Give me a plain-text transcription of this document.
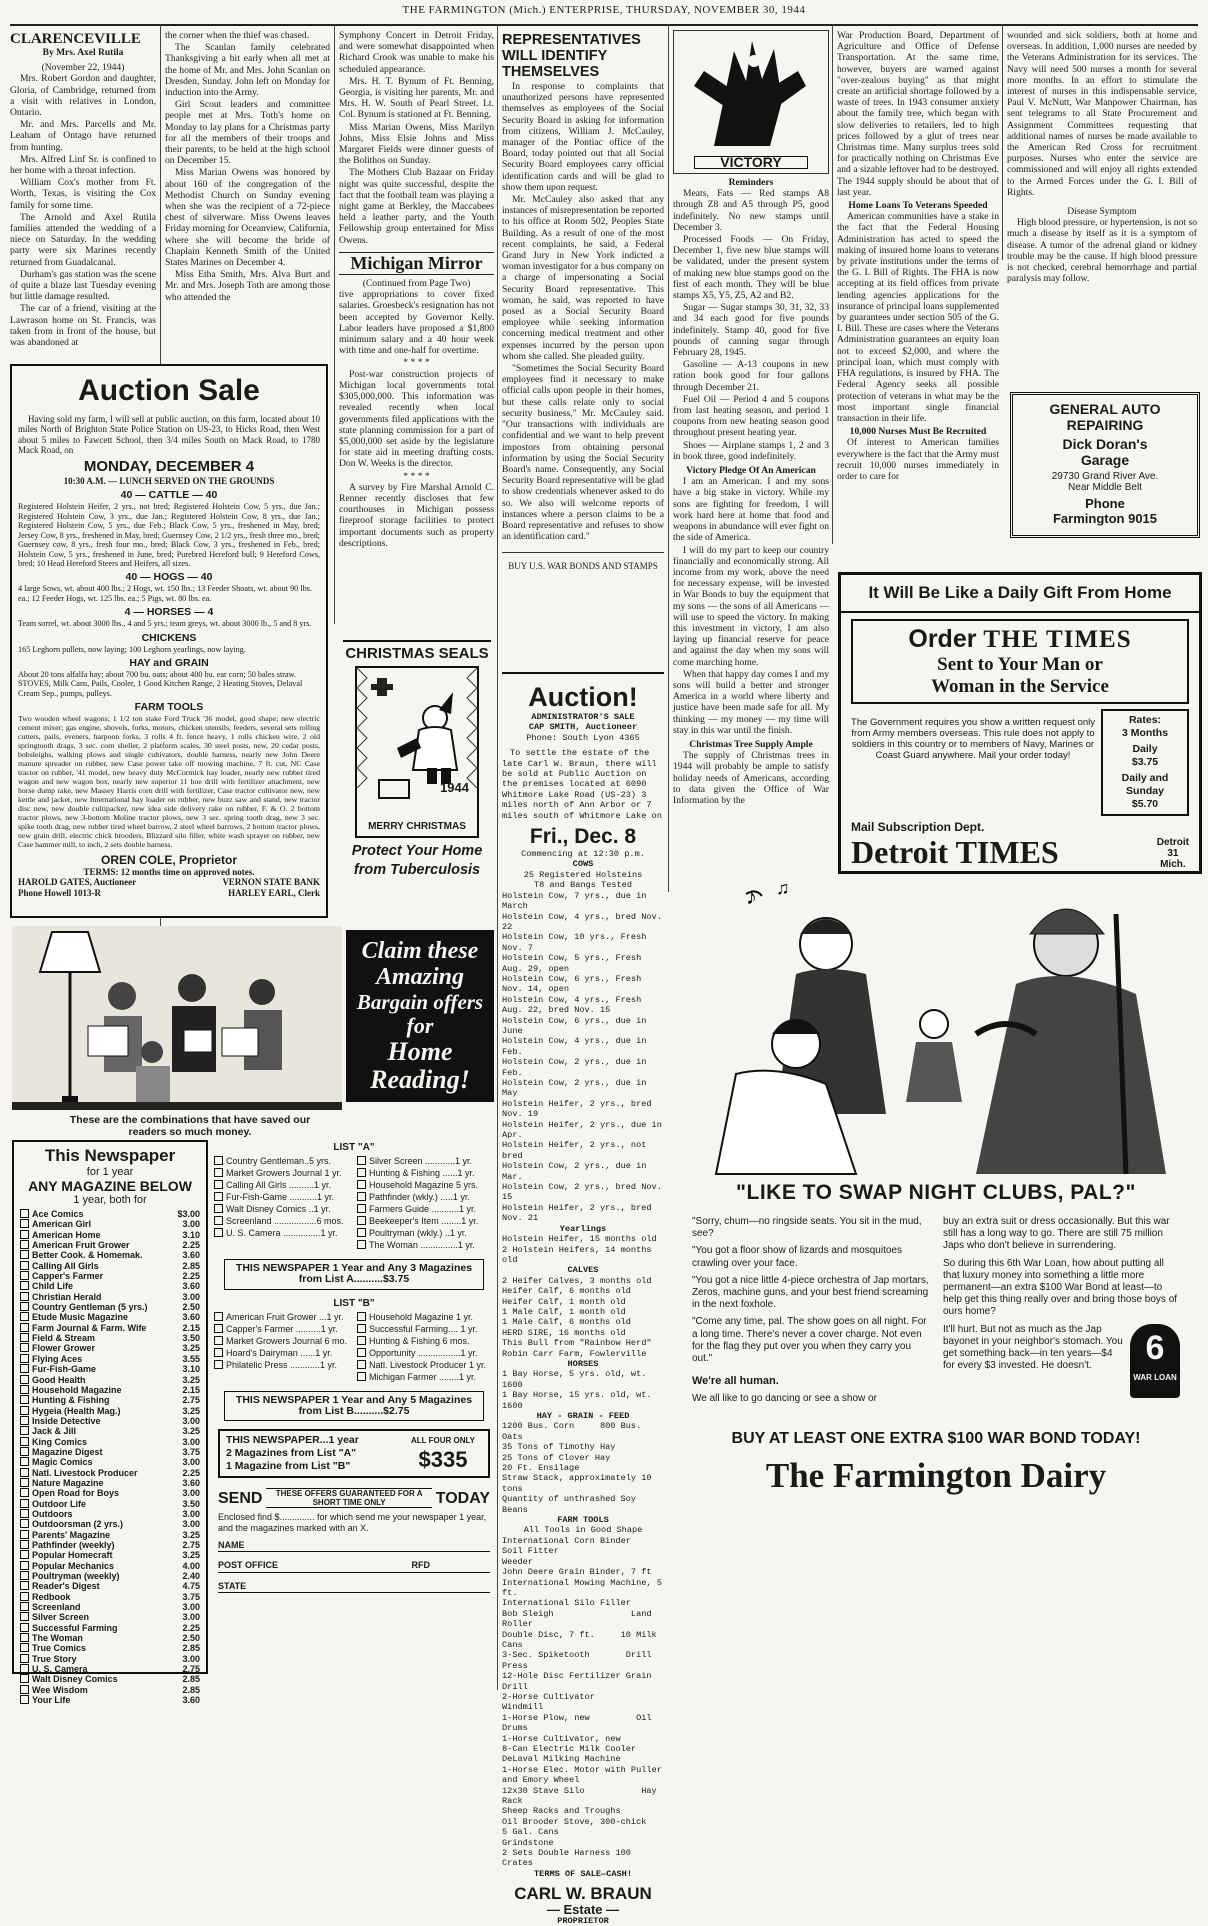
THE FARMINGTON (Mich.) ENTERPRISE, THURSDAY, NOVEMBER 30, 1944
CLARENCEVILLE
By Mrs. Axel Rutila
(November 22, 1944)

Mrs. Robert Gordon and daughter, Gloria, of Cambridge, returned from a visit with relatives in London, Ontario.

Mr. and Mrs. Parcells and Mr. Leaham of Ontago have returned from hunting.

Mrs. Alfred Linf Sr. is confined to her home with a throat infection.

William Cox's mother from Ft. Worth, Texas, is visiting the Cox family for some time.

The Arnold and Axel Rutila families attended the wedding of a niece on Saturday. In the wedding party were six Marines recently returned from Guadalcanal.

Durham's gas station was the scene of quite a blaze last Tuesday evening but little damage resulted.

The car of a friend, visiting at the Lawrason home on St. Francis, was taken from in front of the house, but was abandoned at

the corner when the thief was chased.

The Scanlan family celebrated Thanksgiving a bit early when all met at the home of Mr. and Mrs. John Scanlan on Dresden, Sunday. John left on Monday for induction into the Army.

Girl Scout leaders and committee people met at Mrs. Toth's home on Monday to lay plans for a Christmas party for all the members of their troops and their parents, to be held at the high school on December 15.

Miss Marian Owens was honored by about 160 of the congregation of the Methodist Church on Sunday evening when she was the recipient of a 72-piece chest of silverware. Miss Owens leaves Friday morning for Oceanview, California, where she will become the bride of Chaplain Kenneth Smith of the United States Marines on December 4.

Miss Etha Smith, Mrs. Alva Burt and Mr. and Mrs. Joseph Toth are among those who attended the

Symphony Concert in Detroit Friday, and were somewhat disappointed when Richard Crook was unable to make his scheduled appearance.

Mrs. H. T. Bynum of Ft. Benning, Georgia, is visiting her parents, Mr. and Mrs. H. W. South of Pearl Street. Lt. Col. Bynum is stationed at Ft. Benning.

Miss Marian Owens, Miss Marilyn Johns, Miss Elsie Johns and Miss Margaret Fields were dinner guests of the Bolithos on Sunday.

The Mothers Club Bazaar on Friday night was quite successful, despite the fact that the football team was playing a night game at Berkley, the Maccabees held a leather party, and the Youth Fellowship group entertained for Miss Owens.

Michigan Mirror
(Continued from Page Two)

tive appropriations to cover fixed salaries. Groesbeck's resignation has not been accepted by Governor Kelly. Labor leaders have proposed a $1,800 minimum salary and a 40 hour week with time and one-half for overtime.

* * * *

Post-war construction projects of Michigan local governments total $305,000,000. This information was revealed recently when local governments filed applications with the state planning commission for a part of $5,000,000 set aside by the legislature for state aid in meeting drafting costs. Don W. Weeks is the director.

* * * *

A survey by Fire Marshal Arnold C. Renner recently discloses that few courthouses in Michigan possess fireproof storage facilities to protect important documents such as property descriptions.

CHRISTMAS SEALS
1944
MERRY CHRISTMAS
Protect Your Home
from Tuberculosis
Auction Sale
Having sold my farm, I will sell at public auction, on this farm, located about 10 miles North of Brighton State Police Station on US-23, to Hicks Road, then West about 5 miles to Fawcett School, then 3/4 miles South on Mack Road, to 1780 Mack Road, on
MONDAY, DECEMBER 4
10:30 A.M. — LUNCH SERVED ON THE GROUNDS
40 — CATTLE — 40
Registered Holstein Heifer, 2 yrs., not bred; Registered Holstein Cow, 5 yrs., due Jan.; Registered Holstein Cow, 3 yrs., due Jan.; Registered Holstein Cow, 8 yrs., due Jan.; Registered Holstein Cow, 5 yrs., due Feb.; Black Cow, 5 yrs., freshened in May, bred; Jersey Cow, 8 yrs., freshened in May, bred; Guernsey Cow, 2 1/2 yrs., fresh three mo., bred; Guernsey cow, 8 yrs., fresh four mo., bred; Black Cow, 3 yrs., freshened in Feb., bred; Holstein Cow, 5 yrs., freshened in June, bred; Purebred Hereford bull; 9 Hereford Cows, bred; 10 Head Hereford Steers and Heifers, all sizes.
40 — HOGS — 40
4 large Sows, wt. about 400 lbs.; 2 Hogs, wt. 150 lbs.; 13 Feeder Shoats, wt. about 90 lbs. ea.; 12 Feeder Hogs, wt. 125 lbs. ea.; 5 Pigs, wt. 80 lbs. ea.
4 — HORSES — 4
Team sorrel, wt. about 3000 lbs., 4 and 5 yrs.; team greys, wt. about 3000 lb., 5 and 8 yrs.
CHICKENS
165 Leghorn pullets, now laying; 100 Leghorn yearlings, now laying.
HAY and GRAIN
About 20 tons alfalfa hay; about 700 bu. oats; about 400 bu. ear corn; 50 bales straw. STOVES, Milk Cans, Pails, Cooler, 1 Good Kitchen Range, 2 Heating Stoves, Delaval Cream Sep., pumps, pulleys.
FARM TOOLS
Two wooden wheel wagons; 1 1/2 ton stake Ford Truck '36 model, good shape; new electric cement mixer; gas engine, shovels, forks, motors, chicken utensils, feeders, several sets rolling cutters, pails, eveners, harpoon forks, 3 rolls 4 ft. fence heavy, 1 rolls chicken wire, 2 old springtooth drags, 3 sec. corn sheller, 2 platform scales, 30 steel posts, new, 20 cedar posts, bobsleighs, walking plows and single cultivators, double harness, nearly new John Deere manure spreader on rubber, new Case power take off mowing machine, 7 ft. cut, NC Case tractor on rubber, '41 model, new heavy duty McCormick hay loader, nearly new rubber tired wagon and new wagon box, nearly new superior 11 hoe drill with fertilizer attachment, new horse dump rake, new Massey Harris corn drill with fertilizer, Case tractor cultivator new, new kettle and jacket, new International hay loader on rubber, new buzz saw and stand, new tractor disc new, new double cultipacker, new idea side delivery rake on rubber, F. & O. 2 bottom tractor plows, new 3-bottom Moline tractor plows, new 3 sec. spring tooth drag, new 3 sec. spike tooth drag, new rubber tired wheel barrow, 2 steel wheel barrows, 2 bottom tractor plows, new grain drill, electric chick brooders, Blizzard silo filler, white wash sprayer on rubber, new Case hammer mill, to inch, 2 sets double harness.
OREN COLE, Proprietor
TERMS: 12 months time on approved notes.
HAROLD GATES, Auctioneer	VERNON STATE BANK
Phone Howell 1013-R	HARLEY EARL, Clerk
REPRESENTATIVES WILL IDENTIFY THEMSELVES

In response to complaints that unauthorized persons have represented themselves as employees of the Social Security Board in asking for information from citizens, William J. McCauley, manager of the Pontiac office of the Board, today pointed out that all Social Security Board employees carry official identification cards and will be glad to show them upon request.

Mr. McCauley also asked that any instances of misrepresentation be reported to his office at Room 502, Peoples State Building. As a result of one of the most recent complaints, he said, a Federal Grand Jury in New York indicted a woman investigator for a bus company on a charge of impersonating a Social Security Board representative. This woman, he said, was reported to have posed as a Social Security Board employee while seeking information concerning medical treatment and other expenses incurred by the person upon whom she called. She pleaded guilty.

"Sometimes the Social Security Board employees find it necessary to make official calls upon people in their homes, but these calls relate only to social security business," Mr. McCauley said. "Our transactions with individuals are confidential and we want to help prevent impostors from obtaining personal information by using the Social Security Board's name. Consequently, any Social Security Board representative will be glad to show credentials whenever asked to do so. We also will welcome reports of instances where a person claims to be a Board representative and refuses to show an identification card."

BUY U.S. WAR BONDS AND STAMPS
Auction!
ADMINISTRATOR'S SALE
CAP SMITH, Auctioneer
Phone: South Lyon 4365
To settle the estate of the late Carl W. Braun, there will be sold at Public Auction on the premises located at 6090 Whitmore Lake Road (US-23) 3 miles north of Ann Arbor or 7 miles south of Whitmore Lake on
Fri., Dec. 8
Commencing at 12:30 p.m.
COWS
25 Registered Holsteins
T8 and Bangs Tested
Holstein Cow, 7 yrs., due in March
Holstein Cow, 4 yrs., bred Nov. 22
Holstein Cow, 10 yrs., Fresh Nov. 7
Holstein Cow, 5 yrs., Fresh Aug. 29, open
Holstein Cow, 6 yrs., Fresh Nov. 14, open
Holstein Cow, 4 yrs., Fresh Aug. 22, bred Nov. 15
Holstein Cow, 6 yrs., due in June
Holstein Cow, 4 yrs., due in Feb.
Holstein Cow, 2 yrs., due in Feb.
Holstein Cow, 2 yrs., due in May
Holstein Heifer, 2 yrs., bred Nov. 19
Holstein Heifer, 2 yrs., due in Apr.
Holstein Heifer, 2 yrs., not bred
Holstein Cow, 2 yrs., due in Mar.
Holstein Cow, 2 yrs., bred Nov. 15
Holstein Heifer, 2 yrs., bred Nov. 21
Yearlings
Holstein Heifer, 15 months old
2 Holstein Heifers, 14 months old
CALVES
2 Heifer Calves, 3 months old
Heifer Calf, 6 months old
Heifer Calf, 1 month old
1 Male Calf, 1 month old
1 Male Calf, 6 months old
HERD SIRE, 16 months old
This Bull from "Rainbow Herd"
Robin Carr Farm, Fowlerville
HORSES
1 Bay Horse, 5 yrs. old, wt. 1600
1 Bay Horse, 15 yrs. old, wt. 1600
HAY - GRAIN - FEED
1200 Bus. Corn     800 Bus. Oats
35 Tons of Timothy Hay
25 Tons of Clover Hay
20 Ft. Ensilage
Straw Stack, approximately 10 tons
Quantity of unthrashed Soy Beans
FARM TOOLS
All Tools in Good Shape
International Corn Binder
Soil Fitter                    Weeder
John Deere Grain Binder, 7 ft
International Mowing Machine, 5 ft.
International Silo Filler
Bob Sleigh               Land Roller
Double Disc, 7 ft.     10 Milk Cans
3-Sec. Spiketooth       Drill Press
12-Hole Disc Fertilizer Grain Drill
2-Horse Cultivator          Windmill
1-Horse Plow, new         Oil Drums
1-Horse Cultivator, new
8-Can Electric Milk Cooler
DeLaval Milking Machine
1-Horse Elec. Motor with Puller and Emory Wheel
12x30 Stave Silo           Hay Rack
Sheep Racks and Troughs
Oil Brooder Stove, 300-chick
5 Gal. Cans              Grindstone
2 Sets Double Harness 100 Crates
TERMS OF SALE—CASH!
CARL W. BRAUN
— Estate —
PROPRIETOR
VICTORY
Reminders

Meats, Fats — Red stamps A8 through Z8 and A5 through P5, good indefinitely. No new stamps until December 3.

Processed Foods — On Friday, December 1, five new blue stamps will be validated, under the present system of making new blue stamps good on the first of each month. They will be blue stamps X5, Y5, Z5, A2 and B2.

Sugar — Sugar stamps 30, 31, 32, 33 and 34 each good for five pounds indefinitely. Stamp 40, good for five pounds of canning sugar through February 28, 1945.

Gasoline — A-13 coupons in new ration book good for four gallons through December 21.

Fuel Oil — Period 4 and 5 coupons from last heating season, and period 1 coupons from new heating season good throughout present heating year.

Shoes — Airplane stamps 1, 2 and 3 in book three, good indefinitely.

Victory Pledge Of An American

I am an American. I and my sons have a big stake in victory. While my sons are fighting for freedom, I will work hard here at home that food and weapons in abundance will ever fight on the side of America.

I will do my part to keep our country financially and economically strong. All income from my work, above the need for necessary expense, will be invested in War Bonds to buy the equipment that my sons — the sons of all Americans — will use to speed the victory. In making this investment in victory, I am also laying up financial reserve for peace and against the day when my sons will come marching home.

When that happy day comes I and my sons will build a better and stronger America in a world where liberty and justice have been made safe for all. My thinking — my money — my time will stay in this war until the finish.

Christmas Tree Supply Ample

The supply of Christmas trees in 1944 will probably be ample to satisfy holiday needs of Americans, according to data given the Office of War Information by the

War Production Board, Department of Agriculture and Office of Defense Transportation. At the same time, however, buyers are warned against "over-zealous buying" as that might create an artificial shortage followed by a waste of trees. In 1943 consumer anxiety about the family tree, which began with slow deliveries to retailers, led to high prices followed by a glut of trees near Christmas time. Many surplus trees sold for practically nothing on Christmas Eve and a sizable leftover had to be destroyed. The 1944 supply should be about that of last year.

Home Loans To Veterans Speeded

American communities have a stake in the fact that the Federal Housing Administration has acted to speed the making of insured home loans to veterans by private institutions under the terms of the G. I. Bill of Rights. The FHA is now accepting at its field offices from private lending agencies applications for the insurance of principal loans supplemented by guarantees under section 505 of the G. I. Bill. These are cases where the Veterans Administration guarantees an equity loan not to exceed $2,000, and where the principal loan, which must comply with FHA regulations, is insured by FHA. The Federal Agency seeks all possible protection of veterans in what may be the most important single financial transaction in their life.

10,000 Nurses Must Be Recruited

Of interest to American families everywhere is the fact that the Army must recruit 10,000 nurses immediately in order to care for

wounded and sick soldiers, both at home and overseas. In addition, 1,000 nurses are needed by the Veterans Administration for its services. The Navy will need 500 nurses a month for several more months. In an effort to stimulate the interest of nurses in this indispensable service, Paul V. McNutt, War Manpower Chairman, has sent telegrams to all State Procurement and Assignment Committees requesting that additional names of nurses be made available to the American Red Cross for recruitment purposes. Nurses who enter the service are commissioned and will enjoy all rights extended to the Armed Forces under the G. I. Bill of Rights.

Disease Symptom

High blood pressure, or hypertension, is not so much a disease by itself as it is a symptom of disease. A tumor of the adrenal gland or kidney trouble may be the cause. If high blood pressure is not checked, cerebral hemorrhage and partial paralysis may follow.

GENERAL AUTO
REPAIRING
Dick Doran's
Garage
29730 Grand River Ave.
Near Middle Belt
Phone
Farmington 9015
It Will Be Like a Daily Gift From Home
Order THE TIMES
Sent to Your Man or
Woman in the Service
The Government requires you show a written request only from Army members overseas. This rule does not apply to soldiers in this country or to members of Navy, Marines or Coast Guard anywhere. Mail your order today!
Rates:
3 Months
Daily
$3.75
Daily and Sunday
$5.70
Mail Subscription Dept.
Detroit TIMES	Detroit
31
Mich.
Claim these
Amazing
Bargain offers
for
Home
Reading!
These are the combinations that have saved our readers so much money.
This Newspaper
for 1 year
ANY MAGAZINE BELOW
1 year, both for
Ace Comics	$3.00
American Girl	3.00
American Home	3.10
American Fruit Grower	2.25
Better Cook. & Homemak.	3.60
Calling All Girls	2.85
Capper's Farmer	2.25
Child Life	3.60
Christian Herald	3.00
Country Gentleman (5 yrs.)	2.50
Etude Music Magazine	3.60
Farm Journal & Farm. Wife	2.15
Field & Stream	3.50
Flower Grower	3.25
Flying Aces	3.55
Fur-Fish-Game	3.10
Good Health	3.25
Household Magazine	2.15
Hunting & Fishing	2.75
Hygeia (Health Mag.)	3.25
Inside Detective	3.00
Jack & Jill	3.25
King Comics	3.00
Magazine Digest	3.75
Magic Comics	3.00
Natl. Livestock Producer	2.25
Nature Magazine	3.60
Open Road for Boys	3.00
Outdoor Life	3.50
Outdoors	3.00
Outdoorsman (2 yrs.)	3.00
Parents' Magazine	3.25
Pathfinder (weekly)	2.75
Popular Homecraft	3.25
Popular Mechanics	4.00
Poultryman (weekly)	2.40
Reader's Digest	4.75
Redbook	3.75
Screenland	3.00
Silver Screen	3.00
Successful Farming	2.25
The Woman	2.50
True Comics	2.85
True Story	3.00
U. S. Camera	2.75
Walt Disney Comics	2.85
Wee Wisdom	2.85
Your Life	3.60
LIST "A"
Country Gentleman..5 yrs.
Market Growers Journal 1 yr.
Calling All Girls ..........1 yr.
Fur-Fish-Game ...........1 yr.
Walt Disney Comics ..1 yr.
Screenland .................6 mos.
U. S. Camera ...............1 yr.
Silver Screen ............1 yr.
Hunting & Fishing ......1 yr.
Household Magazine 5 yrs.
Pathfinder (wkly.) .....1 yr.
Farmers Guide ...........1 yr.
Beekeeper's Item ........1 yr.
Poultryman (wkly.) ..1 yr.
The Woman ...............1 yr.
THIS NEWSPAPER 1 Year and Any 3 Magazines from List A..........$3.75
LIST "B"
American Fruit Grower ...1 yr.
Capper's Farmer ..........1 yr.
Market Growers Journal 6 mo.
Hoard's Dairyman ......1 yr.
Philatelic Press ............1 yr.
Household Magazine 1 yr.
Successful Farming.... 1 yr.
Hunting & Fishing 6 mos.
Opportunity .................1 yr.
Natl. Livestock Producer 1 yr.
Michigan Farmer ........1 yr.
THIS NEWSPAPER 1 Year and Any 5 Magazines from List B..........$2.75
THIS NEWSPAPER...1 year
2 Magazines from List "A"
1 Magazine from List "B"
ALL FOUR ONLY
$335
SEND	THESE OFFERS GUARANTEED FOR A SHORT TIME ONLY	TODAY
Enclosed find $.............. for which send me your newspaper 1 year, and the magazines marked with an X.
NAME
POST OFFICE	RFD
STATE
♪ ♫
"LIKE TO SWAP NIGHT CLUBS, PAL?"

"Sorry, chum—no ringside seats. You sit in the mud, see?

"You got a floor show of lizards and mosquitoes crawling over your face.

"You got a nice little 4-piece orchestra of Jap mortars, Zeros, machine guns, and your best friend screaming in the next foxhole.

"Come any time, pal. The show goes on all night. For a long time. There's never a cover charge. Not even for the flag they put over you when they carry you out."

We're all human.

We all like to go dancing or see a show or

buy an extra suit or dress occasionally. But this war still has a long way to go. There are still 75 million Japs who don't believe in surrendering.

So during this 6th War Loan, how about putting all that luxury money into something a little more permanent—an extra $100 War Bond at least—to help get this thing really over and bring those boys of ours home?

It'll hurt. But not as much as the Jap bayonet in your neighbor's stomach. You get something back—in ten years—$4 for every $3 invested. He doesn't.	6
WAR LOAN
BUY AT LEAST ONE EXTRA $100 WAR BOND TODAY!
The Farmington Dairy
